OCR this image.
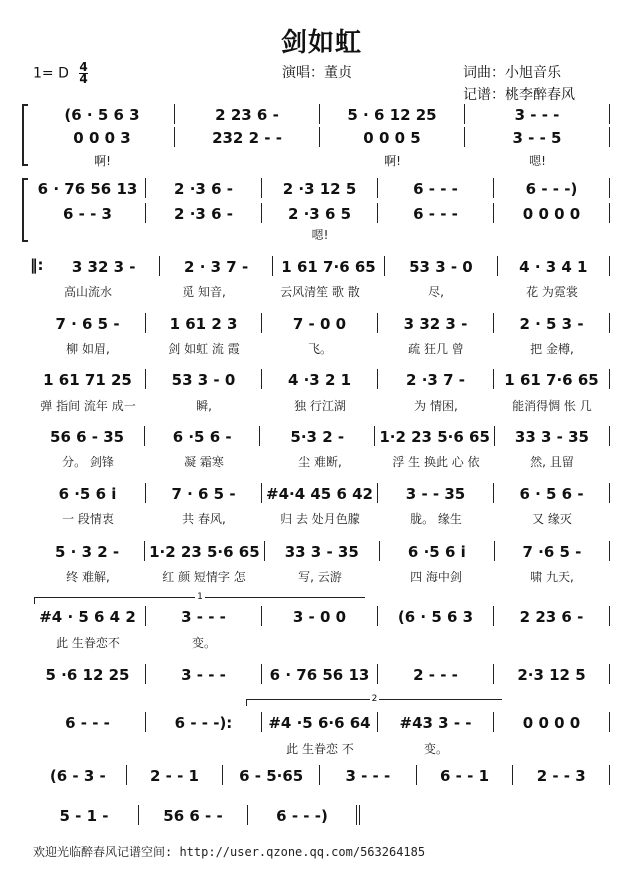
剑如虹
1= D $\frac{4}{4}$	演唱：董贞	词曲：小旭音乐
记谱：桃李醉春风
(6 · 5 6 3	2 23 6 -	5 · 6 12 25	3 - - -
0 0 0 3	232 2 - -	0 0 0 5	3 - - 5
啊!	啊!	嗯!
6 · 76 56 13	2 ·3 6 -	2 ·3 12 5	6 - - -	6 - - -)
6 - - 3	2 ·3 6 -	2 ·3 6 5	6 - - -	0 0 0 0
嗯!
‖:	3 32 3 -	2 · 3 7 -	1 61 7·6 65	53 3 - 0	4 · 3 4 1
高山流水	觅 知音,	云风清笙 歌 散	尽,	花 为霓裳
7 · 6 5 -	1 61 2 3	7 - 0 0	3 32 3 -	2 · 5 3 -
柳 如眉,	剑 如虹 流 霞	飞。	疏 狂几 曾	把 金樽,
1 61 71 25	53 3 - 0	4 ·3 2 1	2 ·3 7 -	1 61 7·6 65
弹 指间 流年 成一	瞬,	独 行江湖	为 情困,	能消得惆 怅 几
56 6 - 35	6 ·5 6 -	5·3 2 -	1·2 23 5·6 65	33 3 - 35
分。 剑锋	凝 霜寒	尘 难断,	浮 生 换此 心 依	然, 且留
6 ·5 6 i	7 · 6 5 -	#4·4 45 6 42	3 - - 35	6 · 5 6 -
一 段情衷	共 春风,	归 去 处月色朦	胧。 缘生	又 缘灭
5 · 3 2 -	1·2 23 5·6 65	33 3 - 35	6 ·5 6 i	7 ·6 5 -
终 难解,	红 颜 短情字 怎	写, 云游	四 海中剑	啸 九天,
1
#4 · 5 6 4 2	3 - - -	3 - 0 0	(6 · 5 6 3	2 23 6 -
此 生眷恋不	变。
5 ·6 12 25	3 - - -	6 · 76 56 13	2 - - -	2·3 12 5
2
6 - - -	6 - - -):	#4 ·5 6·6 64	#43 3 - -	0 0 0 0
此 生眷恋 不	变。
(6 - 3 -	2 - - 1	6 - 5·65	3 - - -	6 - - 1	2 - - 3
5 - 1 -	56 6 - -	6 - - -)
欢迎光临醉春风记谱空间: http://user.qzone.qq.com/563264185
